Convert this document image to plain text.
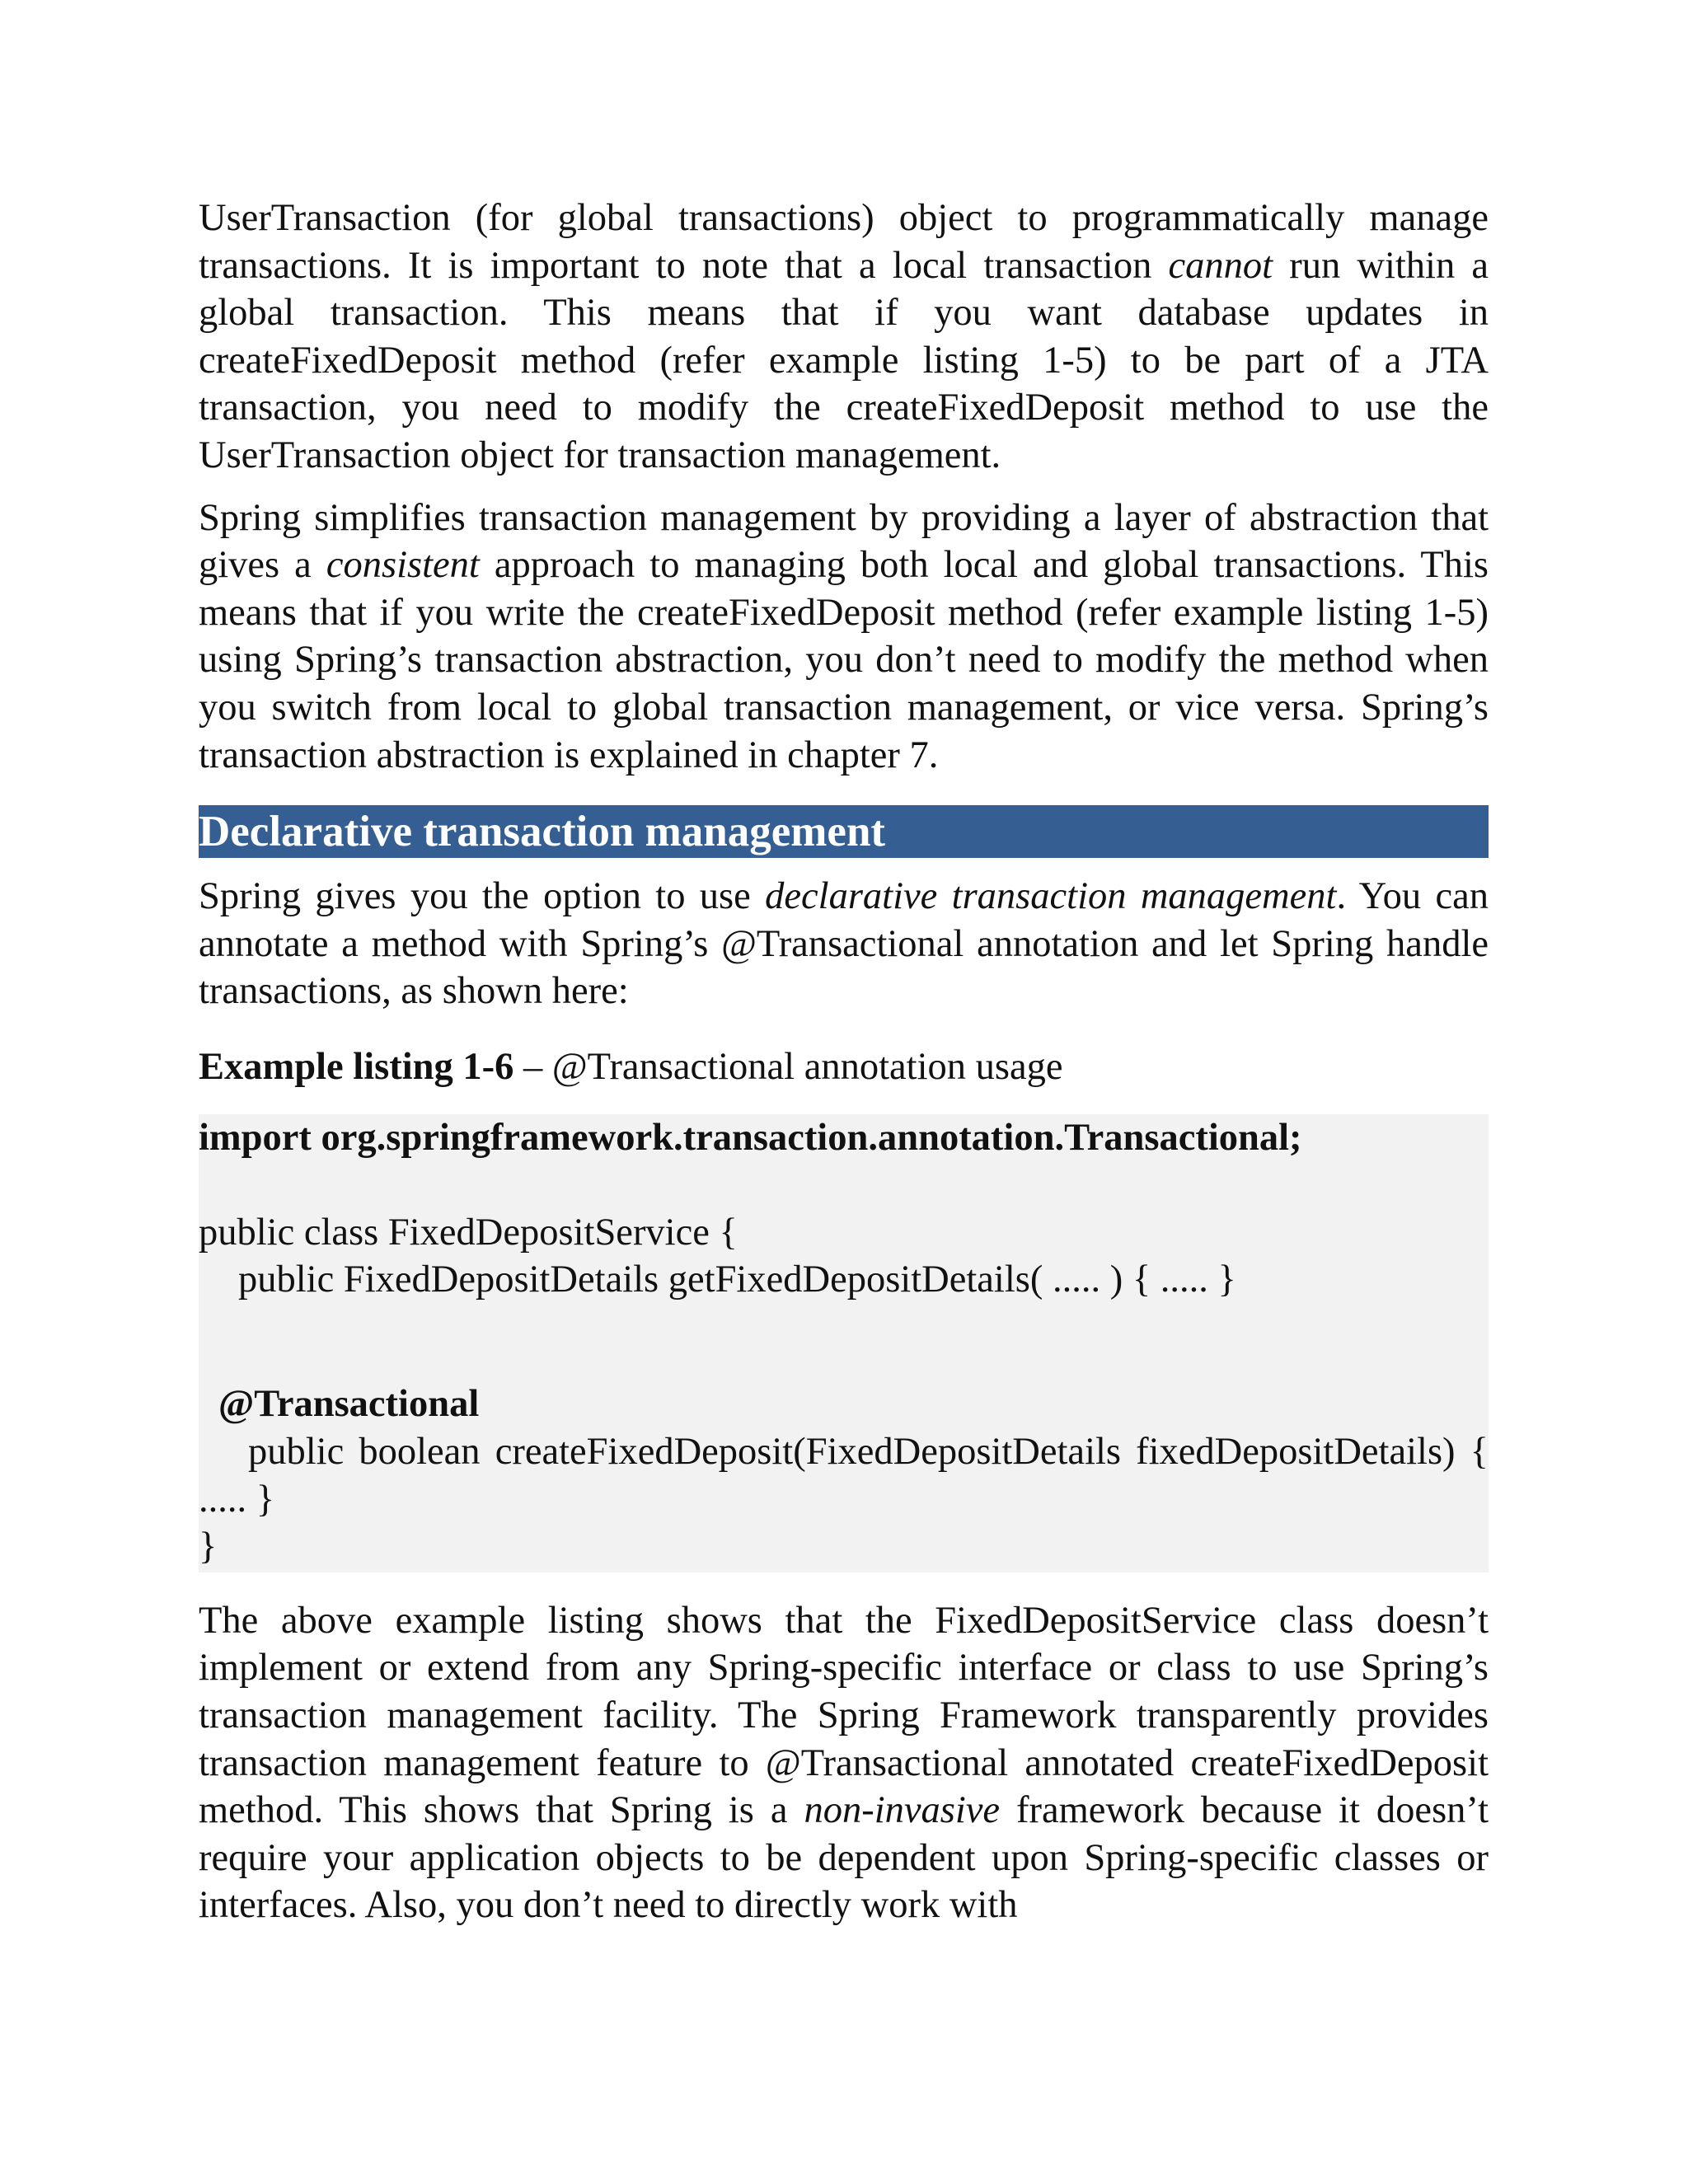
UserTransaction (for global transactions) object to programmatically manage transactions. It is important to note that a local transaction cannot run within a global transaction. This means that if you want database updates in createFixedDeposit method (refer example listing 1-5) to be part of a JTA transaction, you need to modify the createFixedDeposit method to use the UserTransaction object for transaction management.

Spring simplifies transaction management by providing a layer of abstraction that gives a consistent approach to managing both local and global transactions. This means that if you write the createFixedDeposit method (refer example listing 1-5) using Spring’s transaction abstraction, you don’t need to modify the method when you switch from local to global transaction management, or vice versa. Spring’s transaction abstraction is explained in chapter 7.

Declarative transaction management

Spring gives you the option to use declarative transaction management. You can annotate a method with Spring’s @Transactional annotation and let Spring handle transactions, as shown here:

Example listing 1-6 – @Transactional annotation usage

import org.springframework.transaction.annotation.Transactional;
public class FixedDepositService {
public FixedDepositDetails getFixedDepositDetails( ..... ) { ..... }
@Transactional
public boolean createFixedDeposit(FixedDepositDetails fixedDepositDetails) { ..... }
}

The above example listing shows that the FixedDepositService class doesn’t implement or extend from any Spring-specific interface or class to use Spring’s transaction management facility. The Spring Framework transparently provides transaction management feature to @Transactional annotated createFixedDeposit method. This shows that Spring is a non-invasive framework because it doesn’t require your application objects to be dependent upon Spring-specific classes or interfaces. Also, you don’t need to directly work with
